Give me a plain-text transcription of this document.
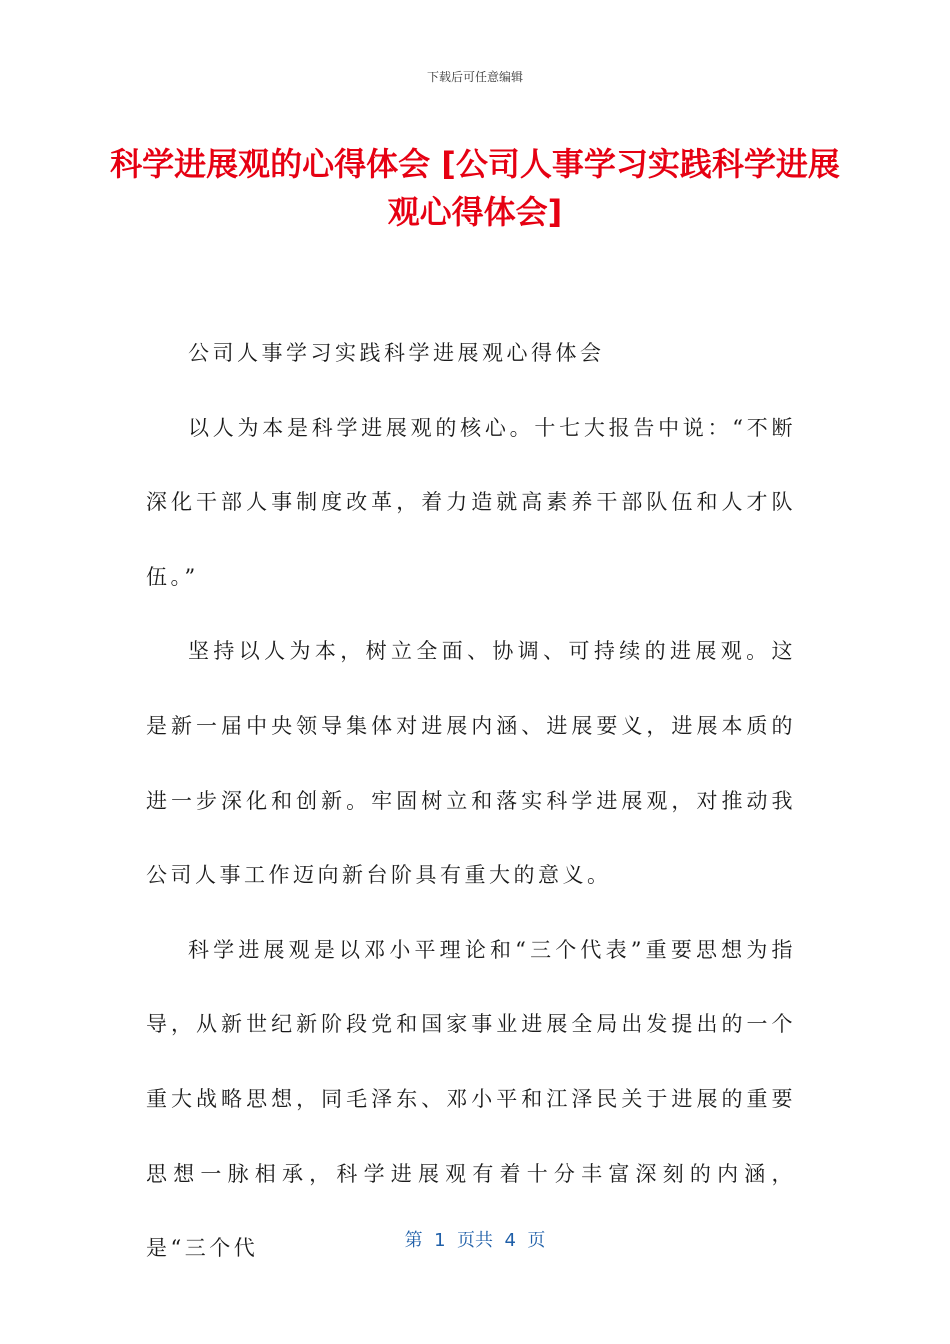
下载后可任意编辑
科学进展观的心得体会 [公司人事学习实践科学进展观心得体会]

公司人事学习实践科学进展观心得体会

以人为本是科学进展观的核心。十七大报告中说：“不断深化干部人事制度改革，着力造就高素养干部队伍和人才队伍。”

坚持以人为本，树立全面、协调、可持续的进展观。这是新一届中央领导集体对进展内涵、进展要义，进展本质的进一步深化和创新。牢固树立和落实科学进展观，对推动我公司人事工作迈向新台阶具有重大的意义。

科学进展观是以邓小平理论和“三个代表”重要思想为指导，从新世纪新阶段党和国家事业进展全局出发提出的一个重大战略思想，同毛泽东、邓小平和江泽民关于进展的重要思想一脉相承，科学进展观有着十分丰富深刻的内涵，是“三个代	第  1  页共  4  页
